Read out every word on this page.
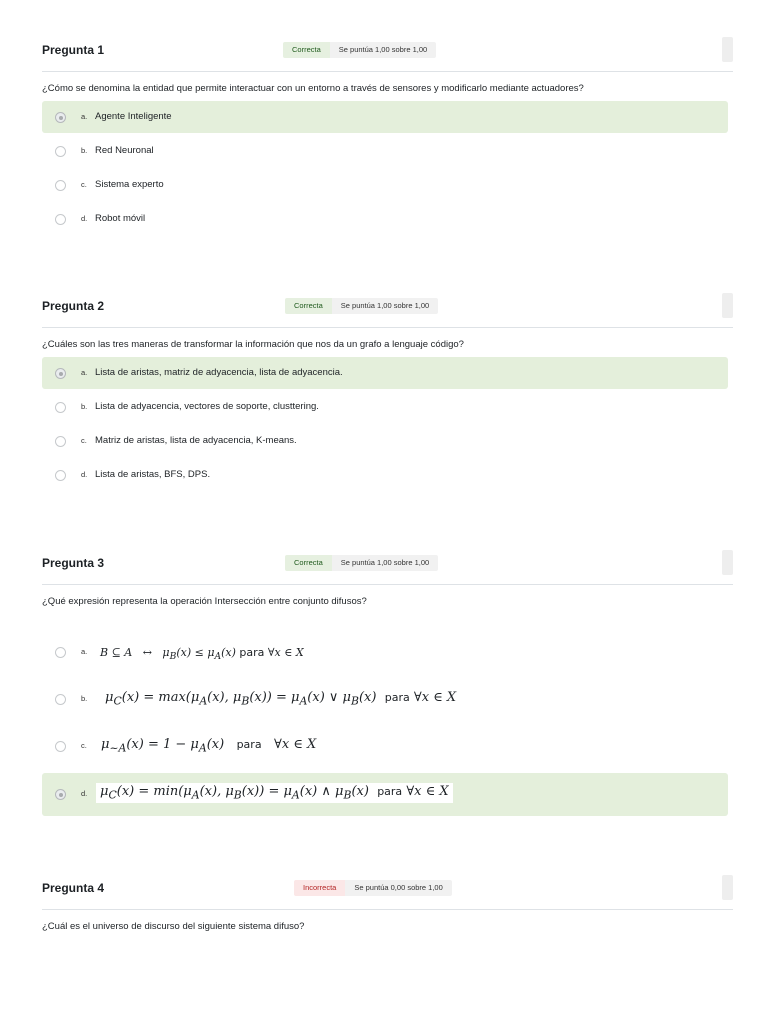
Pregunta 1	Correcta	Se puntúa 1,00 sobre 1,00
¿Cómo se denomina la entidad que permite interactuar con un entorno a través de sensores y modificarlo mediante actuadores?
a. Agente Inteligente
b. Red Neuronal
c. Sistema experto
d. Robot móvil
Pregunta 2	Correcta	Se puntúa 1,00 sobre 1,00
¿Cuáles son las tres maneras de transformar la información que nos da un grafo a lenguaje código?
a. Lista de aristas, matriz de adyacencia, lista de adyacencia.
b. Lista de adyacencia, vectores de soporte, clusttering.
c. Matriz de aristas, lista de adyacencia, K-means.
d. Lista de aristas, BFS, DPS.
Pregunta 3	Correcta	Se puntúa 1,00 sobre 1,00
¿Qué expresión representa la operación Intersección entre conjunto difusos?
a. B ⊆ A   ↔   $\mu_B(x) \le \mu_A(x)$ para ∀x ∈ X
b. $\mu_C(x) = \max(\mu_A(x)$, $\mu_B(x)) = \mu_A(x)$ ∨ $\mu_B(x)$  para ∀x ∈ X
c. $\mu_{\sim A}(x) = 1 - \mu_A(x)$   para   ∀x ∈ X
d. $\mu_C(x) = \min(\mu_A(x)$, $\mu_B(x)) = \mu_A(x)$ ∧ $\mu_B(x)$  para ∀x ∈ X
Pregunta 4	Incorrecta	Se puntúa 0,00 sobre 1,00
¿Cuál es el universo de discurso del siguiente sistema difuso?
